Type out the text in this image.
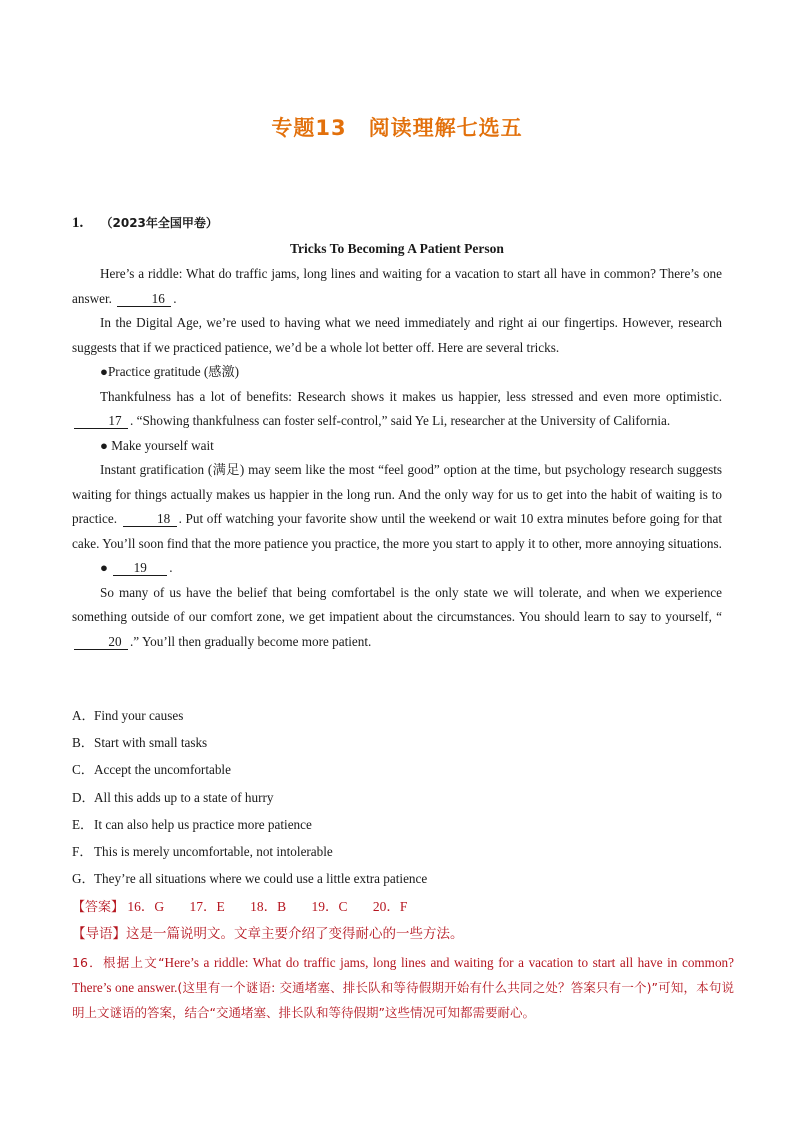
专题13　阅读理解七选五
1. （2023年全国甲卷）
Tricks To Becoming A Patient Person

Here’s a riddle: What do traffic jams, long lines and waiting for a vacation to start all have in common? There’s one answer.	16 .

In the Digital Age, we’re used to having what we need immediately and right ai our fingertips. However, research suggests that if we practiced patience, we’d be a whole lot better off. Here are several tricks.

●Practice gratitude (感激)

Thankfulness has a lot of benefits: Research shows it makes us happier, less stressed and even more optimistic. 17 . “Showing thankfulness can foster self-control,” said Ye Li, researcher at the University of California.

● Make yourself wait

Instant gratification (满足) may seem like the most “feel good” option at the time, but psychology research suggests waiting for things actually makes us happier in the long run. And the only way for us to get into the habit of waiting is to practice.	18 . Put off watching your favorite show until the weekend or wait 10 extra minutes before going for that cake. You’ll soon find that the more patience you practice, the more you start to apply it to other, more annoying situations.

● 19 .

So many of us have the belief that being comfortabel is the only state we will tolerate, and when we experience something outside of our comfort zone, we get impatient about the circumstances. You should learn to say to yourself, “20 .” You’ll then gradually become more patient.

A．Find your causes
B．Start with small tasks
C．Accept the uncomfortable
D．All this adds up to a state of hurry
E．It can also help us practice more patience
F．This is merely uncomfortable, not intolerable
G．They’re all situations where we could use a little extra patience
【答案】 16．G 17．E 18．B 19．C 20．F
【导语】这是一篇说明文。文章主要介绍了变得耐心的一些方法。
16．根据上文“Here’s a riddle: What do traffic jams, long lines and waiting for a vacation to start all have in common? There’s one answer.(这里有一个谜语: 交通堵塞、排长队和等待假期开始有什么共同之处？答案只有一个)”可知，本句说明上文谜语的答案，结合“交通堵塞、排长队和等待假期”这些情况可知都需要耐心。
